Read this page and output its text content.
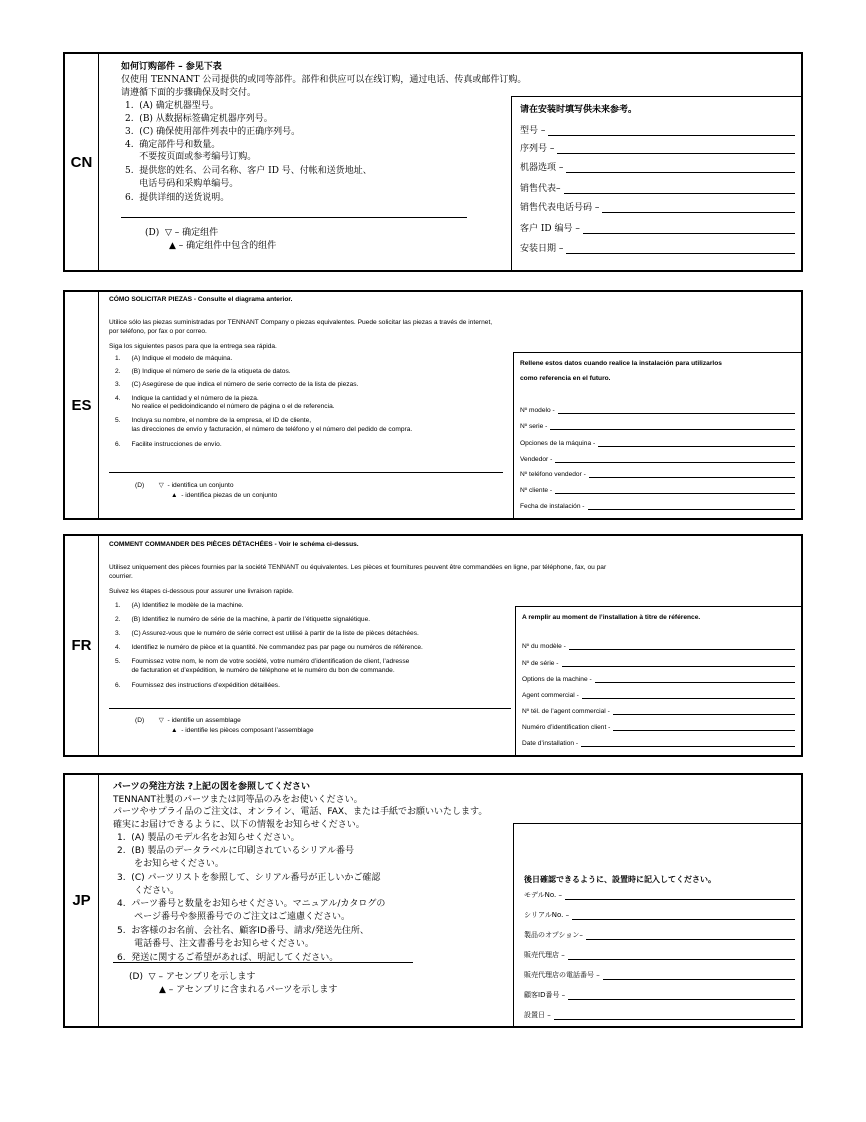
CN
如何订购部件 – 参见下表
仅使用 TENNANT 公司提供的或同等部件。部件和供应可以在线订购，通过电话、传真或邮件订购。
请遵循下面的步骤确保及时交付。
1.  (A) 确定机器型号。
2.  (B) 从数据标签确定机器序列号。
3.  (C) 确保使用部件列表中的正确序列号。
4.  确定部件号和数量。
不要按页面或参考编号订购。
5.  提供您的姓名、公司名称、客户 ID 号、付帐和送货地址、
电话号码和采购单编号。
6.  提供详细的送货说明。
(D)  ▽ – 确定组件
▲ – 确定组件中包含的组件
请在安装时填写供未来参考。
型号 –
序列号 –
机器选项 –
销售代表–
销售代表电话号码 –
客户 ID 编号 –
安装日期 –
ES
CÓMO SOLICITAR PIEZAS - Consulte el diagrama anterior.
Utilice sólo las piezas suministradas por TENNANT Company o piezas equivalentes. Puede solicitar las piezas a través de internet,
por teléfono, por fax o por correo.
Siga los siguientes pasos para que la entrega sea rápida.
1.      (A) Indique el modelo de máquina.
2.      (B) Indique el número de serie de la etiqueta de datos.
3.      (C) Asegúrese de que indica el número de serie correcto de la lista de piezas.
4.      Indique la cantidad y el número de la pieza.
No realice el pedidoindicando el número de página o el de referencia.
5.      Incluya su nombre, el nombre de la empresa, el ID de cliente,
las direcciones de envío y facturación, el número de teléfono y el número del pedido de compra.
6.      Facilite instrucciones de envío.
(D)        ▽  - identifica un conjunto
▲  - identifica piezas de un conjunto
Rellene estos datos cuando realice la instalación para utilizarlos
como referencia en el futuro.
Nº modelo -
Nº serie -
Opciones de la máquina -
Vendedor -
Nº teléfono vendedor -
Nº cliente -
Fecha de instalación -
FR
COMMENT COMMANDER DES PIÈCES DÉTACHÉES - Voir le schéma ci-dessus.
Utilisez uniquement des pièces fournies par la société TENNANT ou équivalentes. Les pièces et fournitures peuvent être commandées en ligne, par téléphone, fax, ou par
courrier.
Suivez les étapes ci-dessous pour assurer une livraison rapide.
1.      (A) Identifiez le modèle de la machine.
2.      (B) Identifiez le numéro de série de la machine, à partir de l’étiquette signalétique.
3.      (C) Assurez-vous que le numéro de série correct est utilisé à partir de la liste de pièces détachées.
4.      Identifiez le numéro de pièce et la quantité. Ne commandez pas par page ou numéros de référence.
5.      Fournissez votre nom, le nom de votre société, votre numéro d’identification de client, l’adresse
de facturation et d’expédition, le numéro de téléphone et le numéro du bon de commande.
6.      Fournissez des instructions d’expédition détaillées.
(D)        ▽  - identifie un assemblage
▲  - identifie les pièces composant l’assemblage
A remplir au moment de l’installation à titre de référence.
Nº du modèle -
Nº de série -
Options de la machine -
Agent commercial -
Nº tél. de l’agent commercial -
Numéro d’identification client -
Date d’installation -
JP
パーツの発注方法 ?上記の図を参照してください
TENNANT社製のパーツまたは同等品のみをお使いください。
パーツやサプライ品のご注文は、オンライン、電話、FAX、または手紙でお願いいたします。
確実にお届けできるように、以下の情報をお知らせください。
1.  (A) 製品のモデル名をお知らせください。
2.  (B) 製品のデータラベルに印刷されているシリアル番号
をお知らせください。
3.  (C) パーツリストを参照して、シリアル番号が正しいかご確認
ください。
4.  パーツ番号と数量をお知らせください。マニュアル/カタログの
ページ番号や参照番号でのご注文はご遠慮ください。
5.  お客様のお名前、会社名、顧客ID番号、請求/発送先住所、
電話番号、注文書番号をお知らせください。
6.  発送に関するご希望があれば、明記してください。
(D)  ▽ – アセンブリを示します
▲ – アセンブリに含まれるパーツを示します
後日確認できるように、設置時に記入してください。
モデルNo. –
シリアルNo. –
製品のオプション–
販売代理店 –
販売代理店の電話番号 –
顧客ID番号 –
設置日 –
